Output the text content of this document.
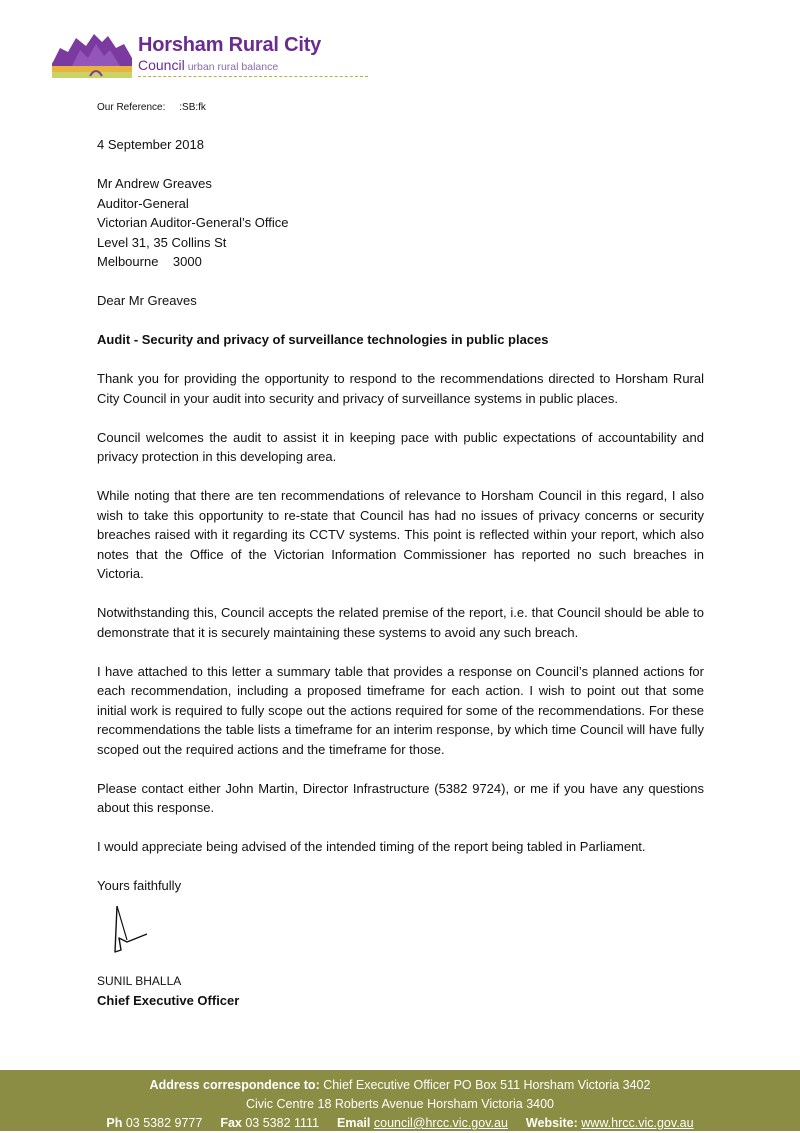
Horsham Rural City
Council urban rural balance
Our Reference:     :SB:fk
4 September 2018
Mr Andrew Greaves
Auditor-General
Victorian Auditor-General’s Office
Level 31, 35 Collins St
Melbourne    3000
Dear Mr Greaves
Audit - Security and privacy of surveillance technologies in public places
Thank you for providing the opportunity to respond to the recommendations directed to Horsham Rural City Council in your audit into security and privacy of surveillance systems in public places.
Council welcomes the audit to assist it in keeping pace with public expectations of accountability and privacy protection in this developing area.
While noting that there are ten recommendations of relevance to Horsham Council in this regard, I also wish to take this opportunity to re-state that Council has had no issues of privacy concerns or security breaches raised with it regarding its CCTV systems. This point is reflected within your report, which also notes that the Office of the Victorian Information Commissioner has reported no such breaches in Victoria.
Notwithstanding this, Council accepts the related premise of the report, i.e. that Council should be able to demonstrate that it is securely maintaining these systems to avoid any such breach.
I have attached to this letter a summary table that provides a response on Council’s planned actions for each recommendation, including a proposed timeframe for each action. I wish to point out that some initial work is required to fully scope out the actions required for some of the recommendations. For these recommendations the table lists a timeframe for an interim response, by which time Council will have fully scoped out the required actions and the timeframe for those.
Please contact either John Martin, Director Infrastructure (5382 9724), or me if you have any questions about this response.
I would appreciate being advised of the intended timing of the report being tabled in Parliament.
Yours faithfully
SUNIL BHALLA
Chief Executive Officer
Address correspondence to: Chief Executive Officer PO Box 511 Horsham Victoria 3402
Civic Centre 18 Roberts Avenue Horsham Victoria 3400
Ph 03 5382 9777 Fax 03 5382 1111 Email council@hrcc.vic.gov.au Website: www.hrcc.vic.gov.au
